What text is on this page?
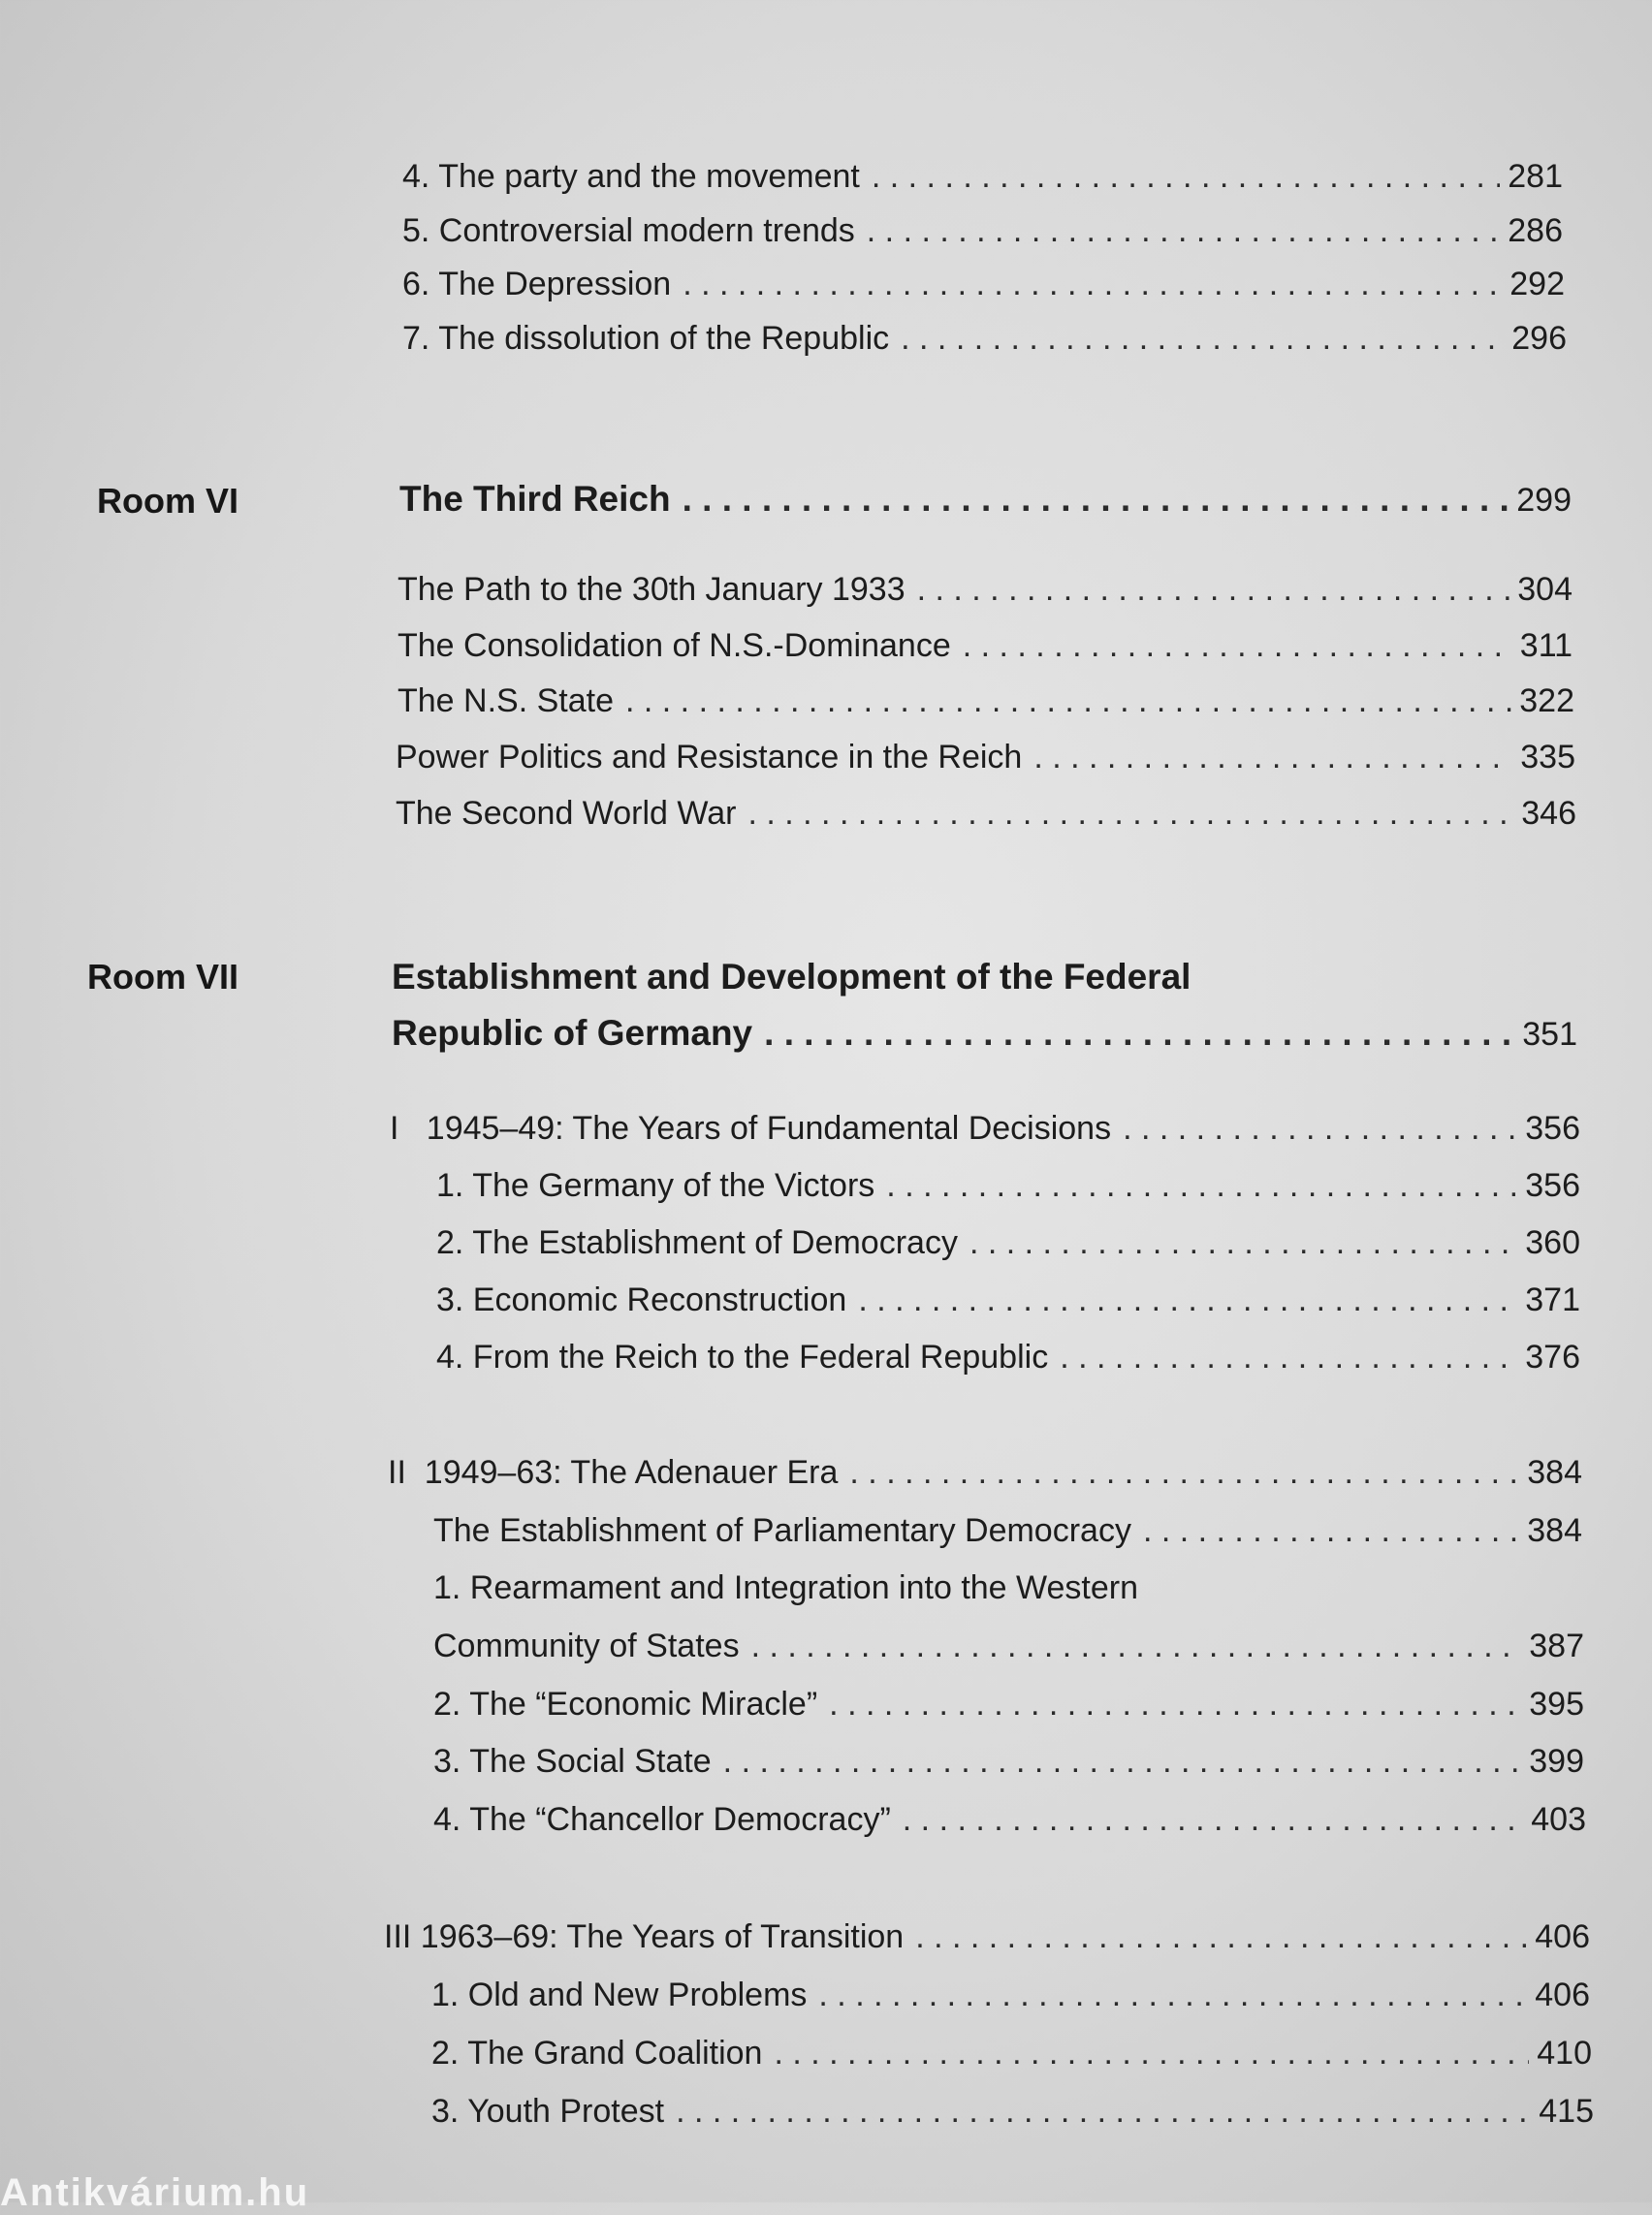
4. The party and the movement . . .	281
5. Controversial modern trends . . .	286
6. The Depression . . .	292
7. The dissolution of the Republic . . .	296
Room VI	The Third Reich . . .	299
The Path to the 30th January 1933 . . .	304
The Consolidation of N.S.-Dominance . . .	311
The N.S. State . . .	322
Power Politics and Resistance in the Reich . . .	335
The Second World War . . .	346
Room VII	Establishment and Development of the Federal
Republic of Germany . . .	351
I   1945–49: The Years of Fundamental Decisions . . .	356
1. The Germany of the Victors . . .	356
2. The Establishment of Democracy . . .	360
3. Economic Reconstruction . . .	371
4. From the Reich to the Federal Republic . . .	376
II  1949–63: The Adenauer Era . . .	384
The Establishment of Parliamentary Democracy . . .	384
1. Rearmament and Integration into the Western
Community of States . . .	387
2. The “Economic Miracle” . . .	395
3. The Social State . . .	399
4. The “Chancellor Democracy” . . .	403
III 1963–69: The Years of Transition . . .	406
1. Old and New Problems . . .	406
2. The Grand Coalition . . .	410
3. Youth Protest . . .	415
Antikvárium.hu
